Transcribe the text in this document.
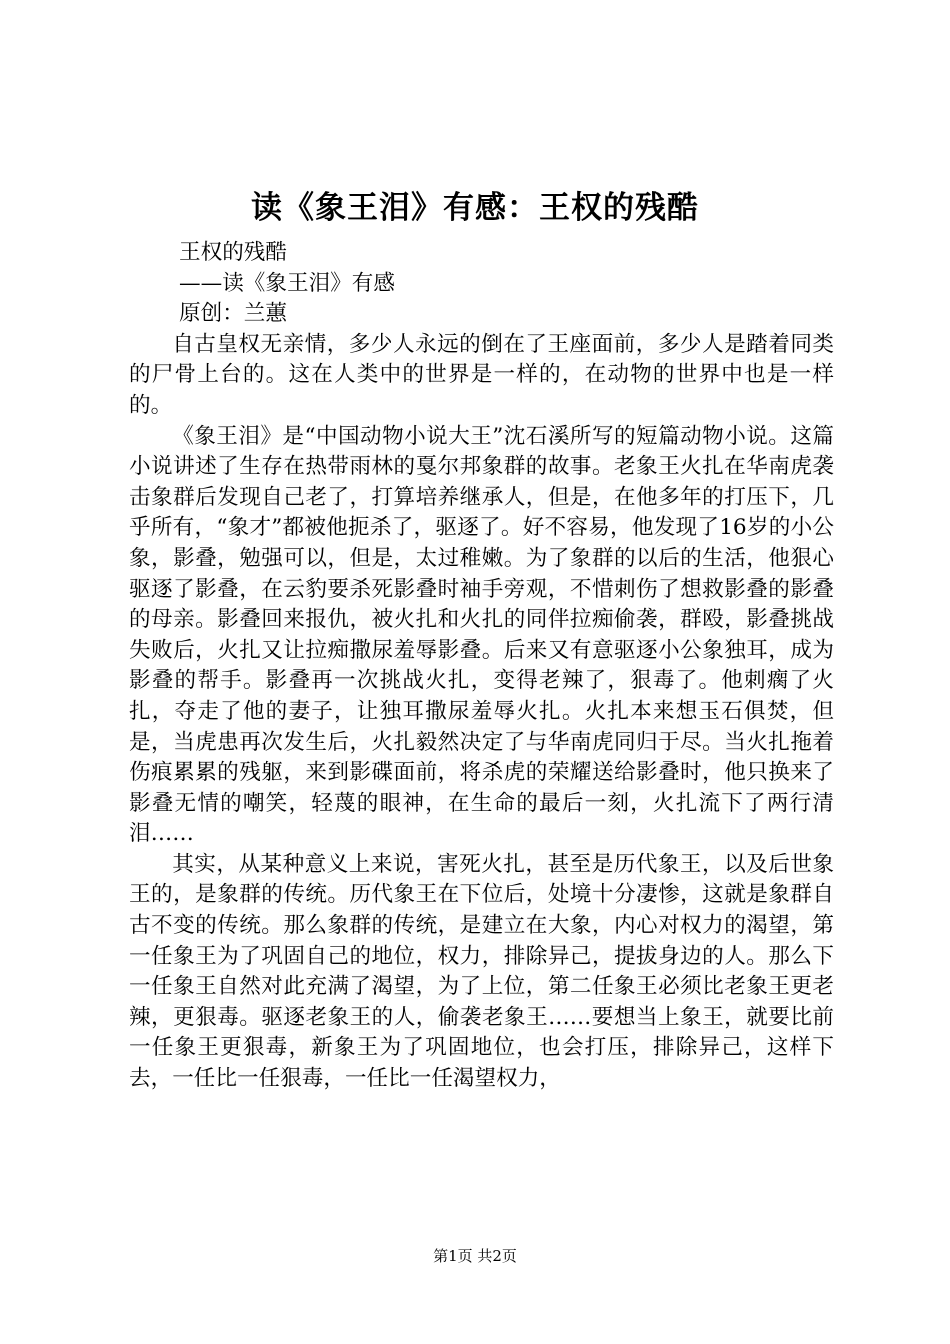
读《象王泪》有感：王权的残酷

王权的残酷

——读《象王泪》有感

原创：兰蕙

自古皇权无亲情，多少人永远的倒在了王座面前，多少人是踏着同类的尸骨上台的。这在人类中的世界是一样的，在动物的世界中也是一样的。

《象王泪》是“中国动物小说大王”沈石溪所写的短篇动物小说。这篇小说讲述了生存在热带雨林的戛尔邦象群的故事。老象王火扎在华南虎袭击象群后发现自己老了，打算培养继承人，但是，在他多年的打压下，几乎所有，“象才”都被他扼杀了，驱逐了。好不容易，他发现了16岁的小公象，影叠，勉强可以，但是，太过稚嫩。为了象群的以后的生活，他狠心驱逐了影叠，在云豹要杀死影叠时袖手旁观，不惜刺伤了想救影叠的影叠的母亲。影叠回来报仇，被火扎和火扎的同伴拉痴偷袭，群殴，影叠挑战失败后，火扎又让拉痴撒尿羞辱影叠。后来又有意驱逐小公象独耳，成为影叠的帮手。影叠再一次挑战火扎，变得老辣了，狠毒了。他刺瘸了火扎，夺走了他的妻子，让独耳撒尿羞辱火扎。火扎本来想玉石俱焚，但是，当虎患再次发生后，火扎毅然决定了与华南虎同归于尽。当火扎拖着伤痕累累的残躯，来到影碟面前，将杀虎的荣耀送给影叠时，他只换来了影叠无情的嘲笑，轻蔑的眼神，在生命的最后一刻，火扎流下了两行清泪……

其实，从某种意义上来说，害死火扎，甚至是历代象王，以及后世象王的，是象群的传统。历代象王在下位后，处境十分凄惨，这就是象群自古不变的传统。那么象群的传统，是建立在大象，内心对权力的渴望，第一任象王为了巩固自己的地位，权力，排除异己，提拔身边的人。那么下一任象王自然对此充满了渴望，为了上位，第二任象王必须比老象王更老辣，更狠毒。驱逐老象王的人，偷袭老象王……要想当上象王，就要比前一任象王更狠毒，新象王为了巩固地位，也会打压，排除异己，这样下去，一任比一任狠毒，一任比一任渴望权力，

第1页 共2页
